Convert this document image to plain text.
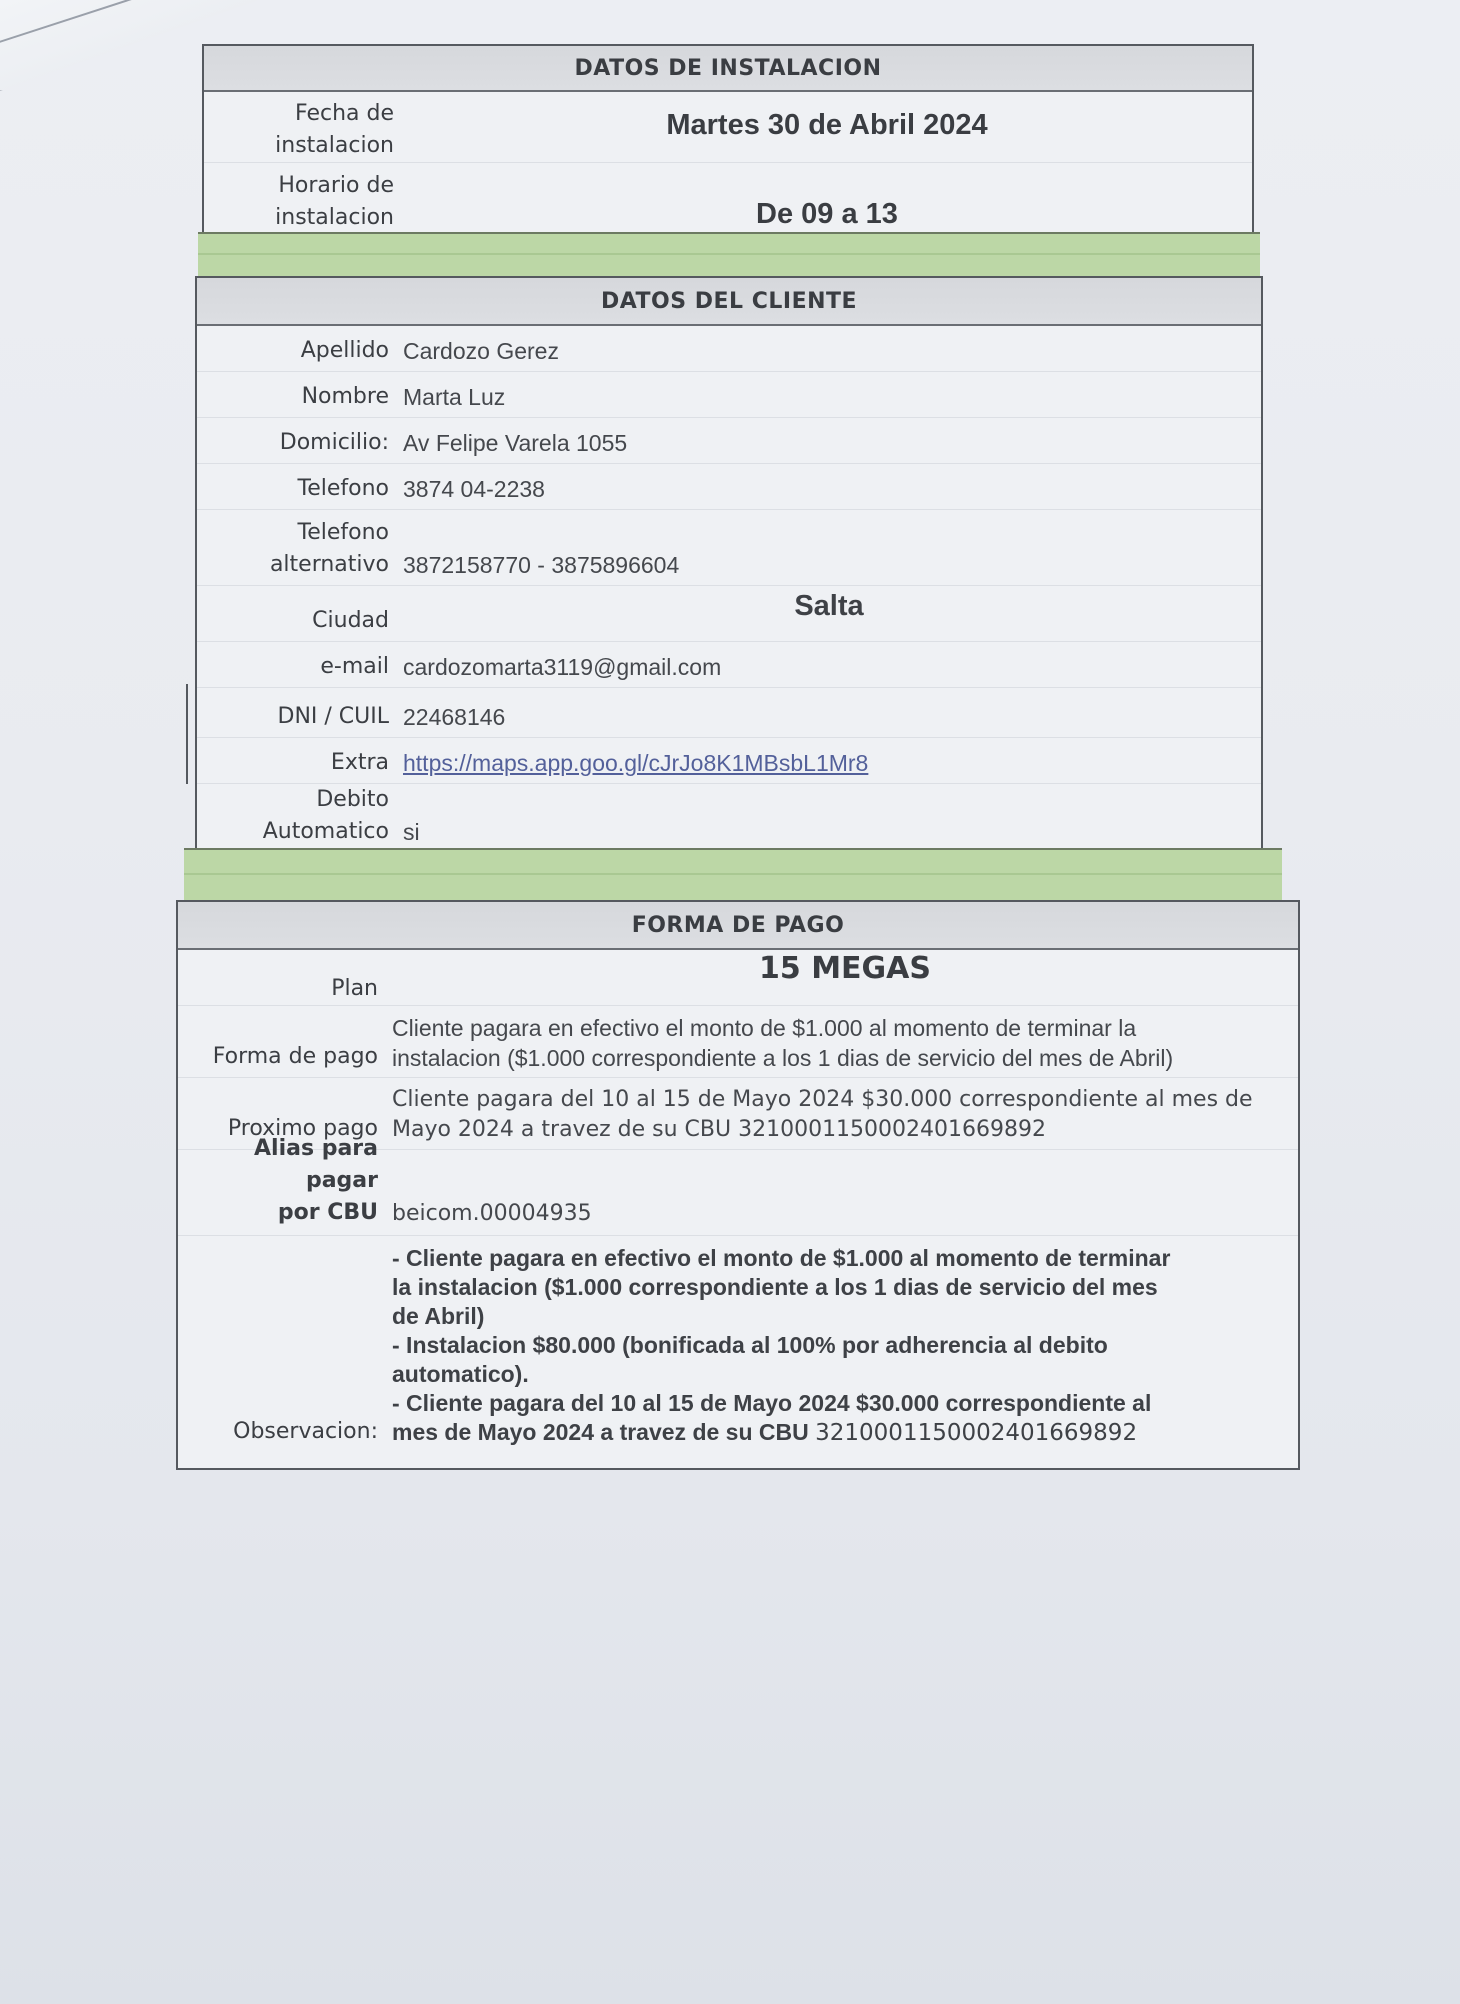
DATOS DE INSTALACION
Fecha de
instalacion
Martes 30 de Abril 2024
Horario de
instalacion	De 09 a 13
DATOS DEL CLIENTE
Apellido Cardozo Gerez
Nombre Marta Luz
Domicilio: Av Felipe Varela 1055
Telefono 3874 04-2238
Telefono
alternativo 3872158770 - 3875896604
Ciudad	Salta
e-mail cardozomarta3119@gmail.com
DNI / CUIL 22468146
Extra https://maps.app.goo.gl/cJrJo8K1MBsbL1Mr8
Debito
Automatico si
FORMA DE PAGO
Plan
15 MEGAS
Forma de pago
Cliente pagara en efectivo el monto de $1.000 al momento de terminar la
instalacion ($1.000 correspondiente a los 1 dias de servicio del mes de Abril)
Proximo pago
Cliente pagara del 10 al 15 de Mayo 2024 $30.000 correspondiente al mes de
Mayo 2024 a travez de su CBU 3210001150002401669892
Alias para pagar
por CBU beicom.00004935
Observacion:
- Cliente pagara en efectivo el monto de $1.000 al momento de terminar
la instalacion ($1.000 correspondiente a los 1 dias de servicio del mes
de Abril)
- Instalacion $80.000 (bonificada al 100% por adherencia al debito
automatico).
- Cliente pagara del 10 al 15 de Mayo 2024 $30.000 correspondiente al
mes de Mayo 2024 a travez de su CBU 3210001150002401669892
